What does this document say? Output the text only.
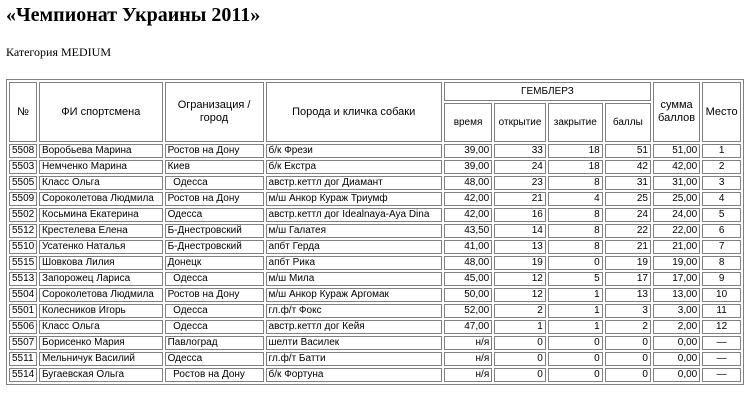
«Чемпионат Украины 2011»
Категория MEDIUM
№	ФИ спортсмена	Огранизация / город	Порода и кличка собаки	ГЕМБЛЕРЗ				сумма баллов	Место
				время	открытие	закрытие	баллы		
5508	Воробьева Марина	Ростов на Дону	б/к Фрези	39,00	33	18	51	51,00	1
5503	Немченко Марина	Киев	б/к Екстра	39,00	24	18	42	42,00	2
5505	Класс Ольга	Одесса	австр.кеттл дог Диамант	48,00	23	8	31	31,00	3
5509	Сороколетова Людмила	Ростов на Дону	м/ш Анкор Кураж Триумф	42,00	21	4	25	25,00	4
5502	Косьмина Екатерина	Одесса	австр.кеттл дог Idealnaya-Aya Dina	42,00	16	8	24	24,00	5
5512	Крестелева Елена	Б-Днестровский	м/ш Галатея	43,50	14	8	22	22,00	6
5510	Усатенко Наталья	Б-Днестровский	апбт Герда	41,00	13	8	21	21,00	7
5515	Шовкова Лилия	Донецк	апбт Рика	48,00	19	0	19	19,00	8
5513	Запорожец Лариса	Одесса	м/ш Мила	45,00	12	5	17	17,00	9
5504	Сороколетова Людмила	Ростов на Дону	м/ш Анкор Кураж Аргомак	50,00	12	1	13	13,00	10
5501	Колесников Игорь	Одесса	гл.ф/т Фокс	52,00	2	1	3	3,00	11
5506	Класс Ольга	Одесса	австр.кеттл дог Кейя	47,00	1	1	2	2,00	12
5507	Борисенко Мария	Павлоград	шелти Василек	н/я	0	0	0	0,00	—
5511	Мельничук Василий	Одесса	гл.ф/т Батти	н/я	0	0	0	0,00	—
5514	Бугаевская Ольга	Ростов на Дону	б/к Фортуна	н/я	0	0	0	0,00	—
